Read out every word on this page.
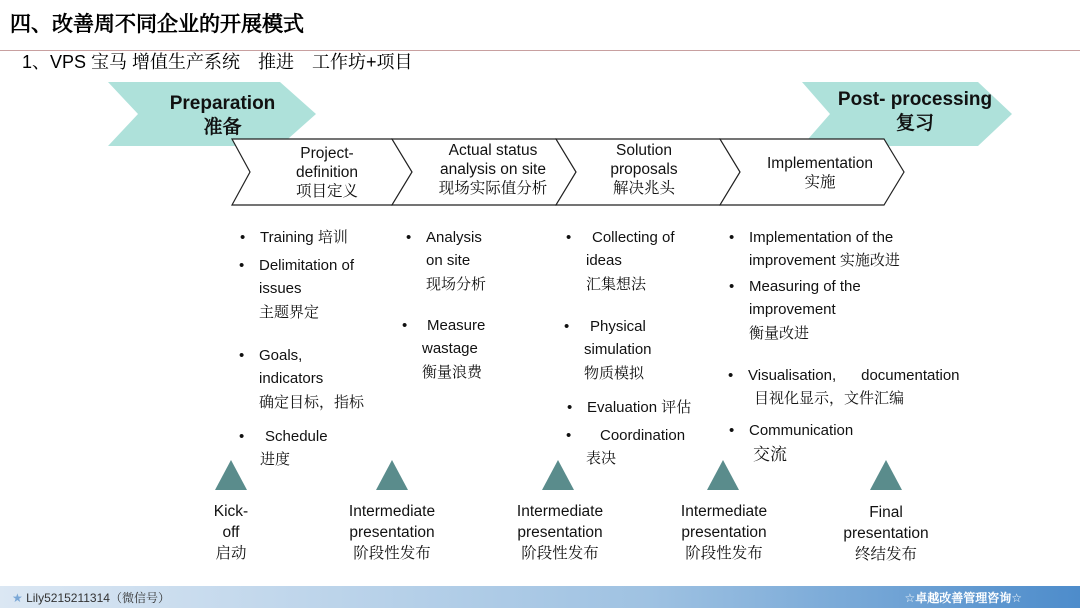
四、改善周不同企业的开展模式
1、VPS 宝马 增值生产系统　推进　工作坊+项目
Preparation
准备
Post- processing
复习
Project-
definition
项目定义
Actual status
analysis on site
现场实际值分析
Solution
proposals
解决兆头
Implementation
实施
• Training 培训
• Delimitation of
issues
主题界定
• Goals,
indicators
确定目标，指标
• Schedule
进度
• Analysis
on site
现场分析
• Measure
wastage
衡量浪费
• Collecting of
ideas
汇集想法
• Physical
simulation
物质模拟
• Evaluation 评估
• Coordination
表决
• Implementation of the
improvement 实施改进
• Measuring of the
improvement
衡量改进
• Visualisation,      documentation
目视化显示，文件汇编
• Communication
交流
Kick-
off
启动
Intermediate
presentation
阶段性发布
Intermediate
presentation
阶段性发布
Intermediate
presentation
阶段性发布
Final
presentation
终结发布
★ Lily5215211314（微信号）	☆卓越改善管理咨询☆
